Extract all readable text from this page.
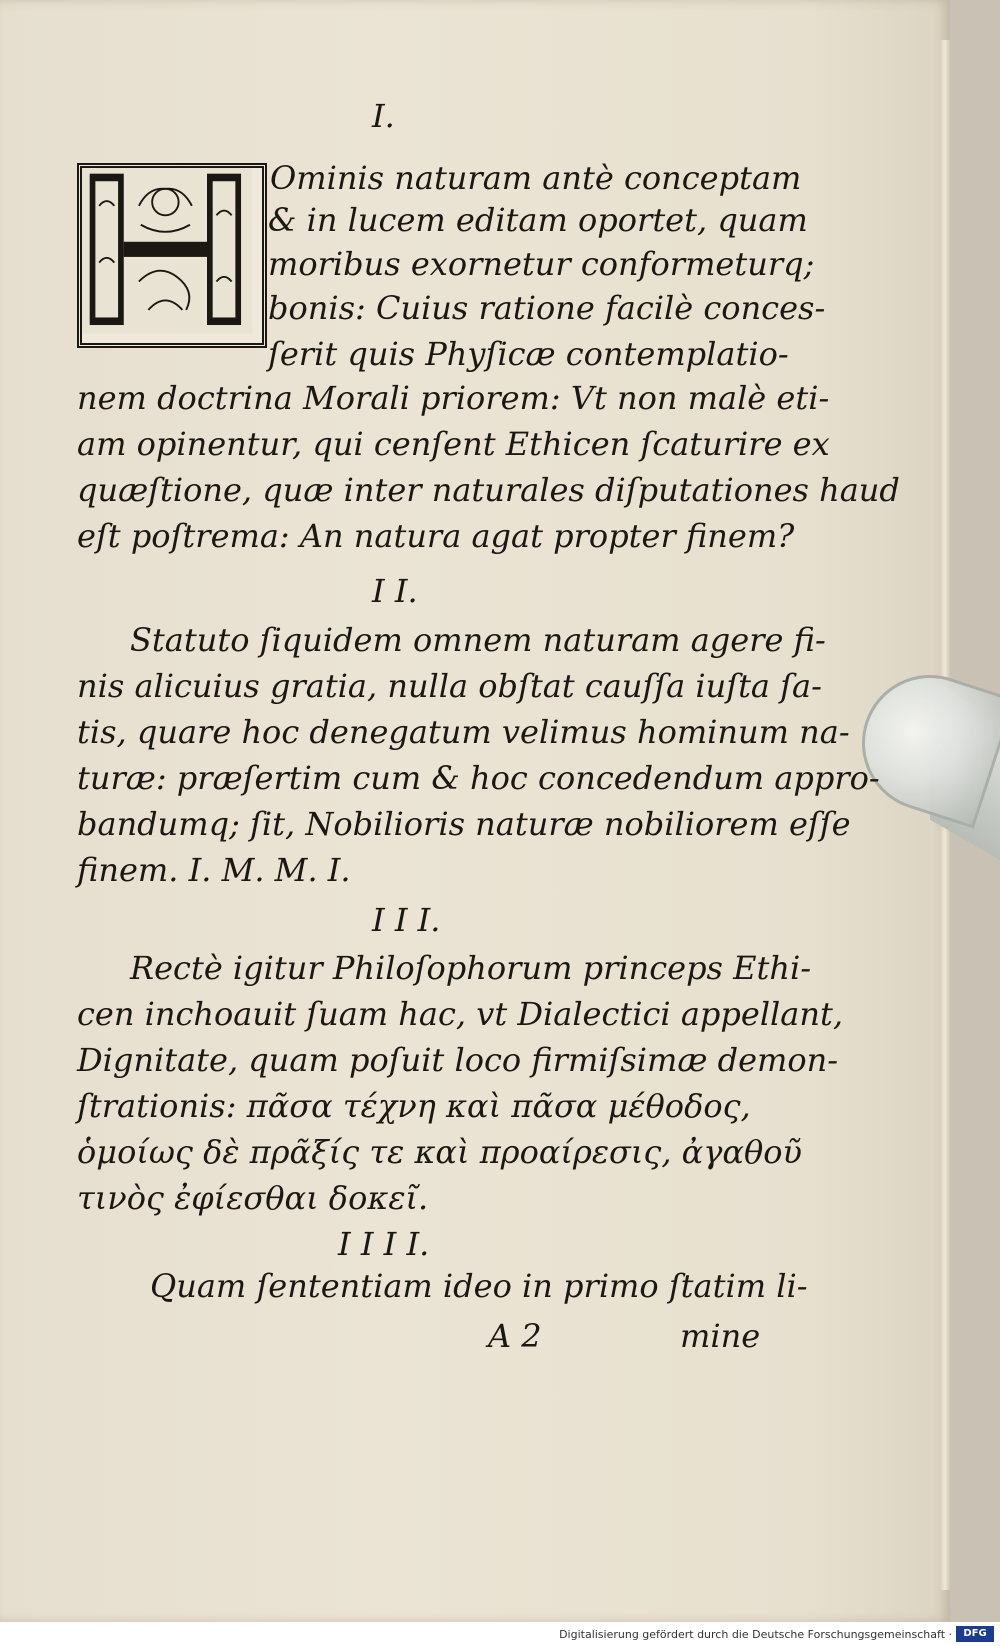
I.
Ominis naturam antè conceptam
& in lucem editam oportet, quam
moribus exornetur conformeturq;
bonis: Cuius ratione facilè conces-
ſerit quis Phyſicæ contemplatio-
nem doctrina Morali priorem: Vt non malè eti-
am opinentur, qui cenſent Ethicen ſcaturire ex
quæſtione, quæ inter naturales diſputationes haud
eſt poſtrema: An natura agat propter finem?
I I.
Statuto ſiquidem omnem naturam agere fi-
nis alicuius gratia, nulla obſtat cauſſa iuſta ſa-
tis, quare hoc denegatum velimus hominum na-
turæ: præſertim cum & hoc concedendum appro-
bandumq; ſit, Nobilioris naturæ nobiliorem eſſe
finem. I. M. M. I.
I I I.
Rectè igitur Philoſophorum princeps Ethi-
cen inchoauit ſuam hac, vt Dialectici appellant,
Dignitate, quam poſuit loco firmiſsimæ demon-
ſtrationis: πᾶσα τέχνη καὶ πᾶσα μέθοδος,
ὁμοίως δὲ πρᾶξίς τε καὶ προαίρεσις, ἀγαθοῦ
τινὸς ἐφίεσθαι δοκεῖ.
I I I I.
Quam ſententiam ideo in primo ſtatim li-
A 2	mine
Digitalisierung gefördert durch die Deutsche Forschungsgemeinschaft ·	DFG
